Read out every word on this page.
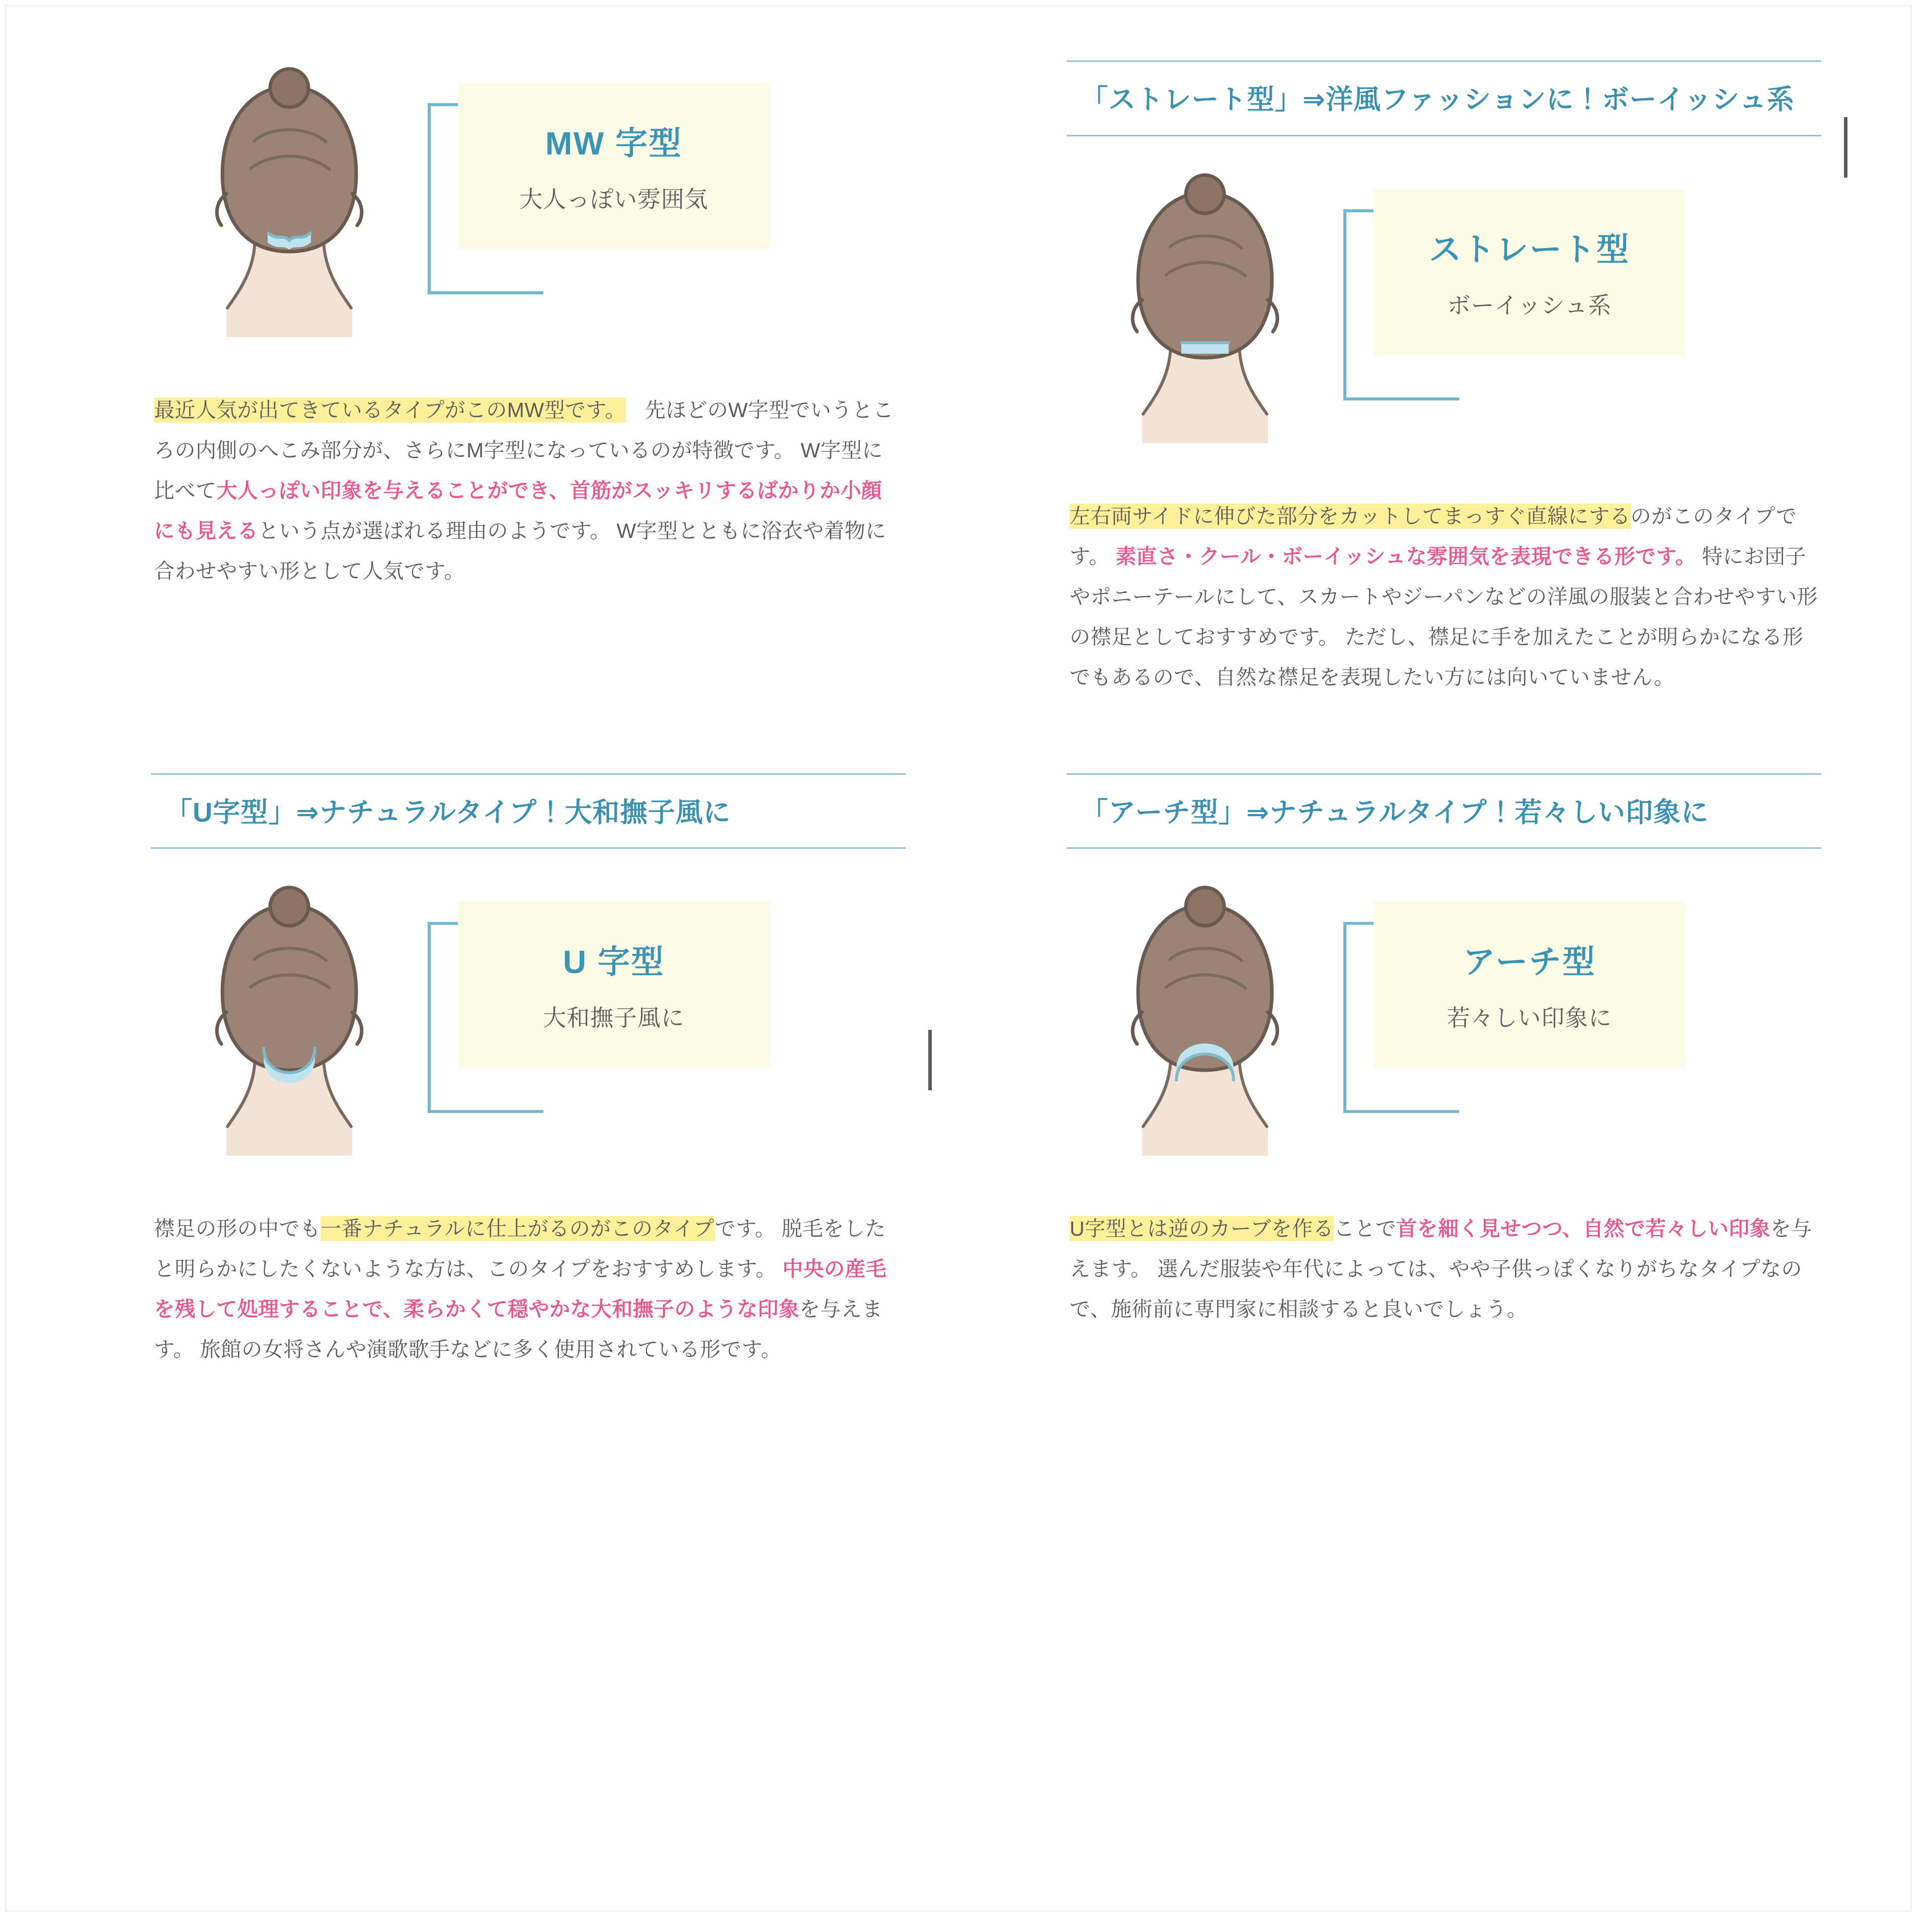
MW 字型
大人っぽい雰囲気
最近人気が出てきているタイプがこのMW型です。 先ほどのW字型でいうところの内側のへこみ部分が、さらにM字型になっているのが特徴です。 W字型に比べて大人っぽい印象を与えることができ、首筋がスッキリするばかりか小顔にも見えるという点が選ばれる理由のようです。 W字型とともに浴衣や着物に合わせやすい形として人気です。
「ストレート型」⇒洋風ファッションに！ボーイッシュ系
ストレート型
ボーイッシュ系
左右両サイドに伸びた部分をカットしてまっすぐ直線にするのがこのタイプです。 素直さ・クール・ボーイッシュな雰囲気を表現できる形です。 特にお団子やポニーテールにして、スカートやジーパンなどの洋風の服装と合わせやすい形の襟足としておすすめです。 ただし、襟足に手を加えたことが明らかになる形でもあるので、自然な襟足を表現したい方には向いていません。
「U字型」⇒ナチュラルタイプ！大和撫子風に
U 字型
大和撫子風に
襟足の形の中でも一番ナチュラルに仕上がるのがこのタイプです。 脱毛をしたと明らかにしたくないような方は、このタイプをおすすめします。 中央の産毛を残して処理することで、柔らかくて穏やかな大和撫子のような印象を与えます。 旅館の女将さんや演歌歌手などに多く使用されている形です。
「アーチ型」⇒ナチュラルタイプ！若々しい印象に
アーチ型
若々しい印象に
U字型とは逆のカーブを作ることで首を細く見せつつ、自然で若々しい印象を与えます。 選んだ服装や年代によっては、やや子供っぽくなりがちなタイプなので、施術前に専門家に相談すると良いでしょう。
